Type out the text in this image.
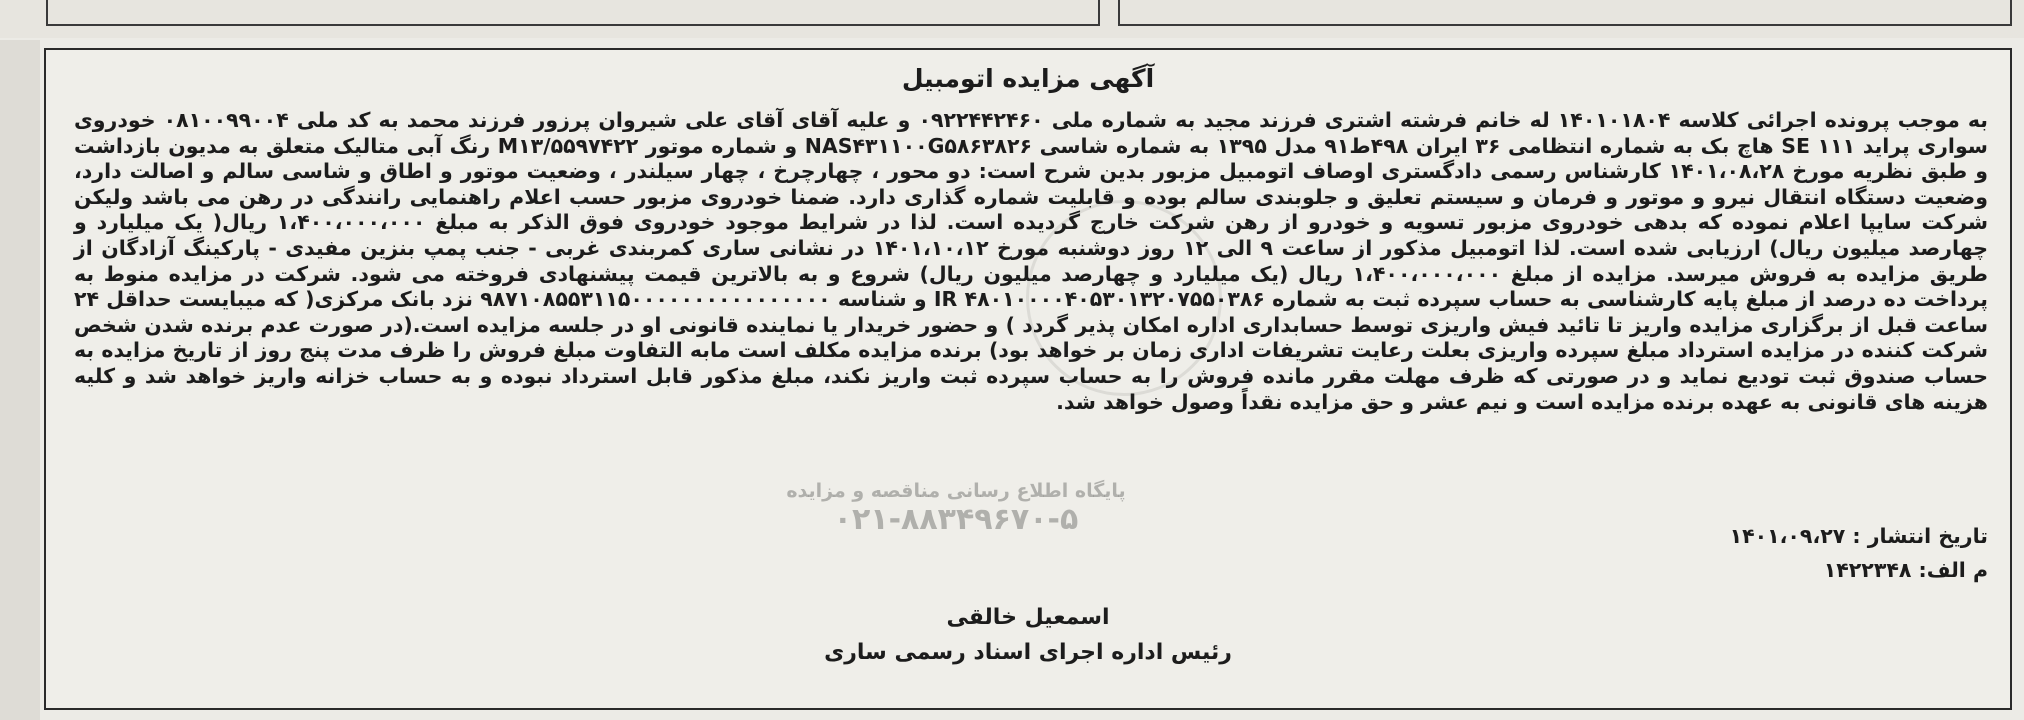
آگهی مزایده اتومبیل
به موجب پرونده اجرائی کلاسه ۱۴۰۱۰۱۸۰۴ له خانم فرشته اشتری فرزند مجید به شماره ملی ۰۹۲۲۴۴۲۴۶۰ و علیه آقای آقای علی شیروان پرزور فرزند محمد به کد ملی ۰۸۱۰۰۹۹۰۰۴ خودروی سواری پراید ۱۱۱ SE هاچ بک به شماره انتظامی ۳۶ ایران ۴۹۸ط۹۱ مدل ۱۳۹۵ به شماره شاسی NAS۴۳۱۱۰۰G۵۸۶۳۸۲۶ و شماره موتور M۱۳/۵۵۹۷۴۲۲ رنگ آبی متالیک متعلق به مدیون بازداشت و طبق نظریه مورخ ۱۴۰۱،۰۸،۲۸ کارشناس رسمی دادگستری اوصاف اتومبیل مزبور بدین شرح است: دو محور ، چهارچرخ ، چهار سیلندر ، وضعیت موتور و اطاق و شاسی سالم و اصالت دارد، وضعیت دستگاه انتقال نیرو و موتور و فرمان و سیستم تعلیق و جلوبندی سالم بوده و قابلیت شماره گذاری دارد. ضمنا خودروی مزبور حسب اعلام راهنمایی رانندگی در رهن می باشد ولیکن شرکت سایپا اعلام نموده که بدهی خودروی مزبور تسویه و خودرو از رهن شرکت خارج گردیده است. لذا در شرایط موجود خودروی فوق الذکر به مبلغ ۱،۴۰۰،۰۰۰،۰۰۰ ریال( یک میلیارد و چهارصد میلیون ریال) ارزیابی شده است. لذا اتومبیل مذکور از ساعت ۹ الی ۱۲ روز دوشنبه مورخ ۱۴۰۱،۱۰،۱۲ در نشانی ساری کمربندی غربی - جنب پمپ بنزین مفیدی - پارکینگ آزادگان از طریق مزایده به فروش میرسد. مزایده از مبلغ ۱،۴۰۰،۰۰۰،۰۰۰ ریال (یک میلیارد و چهارصد میلیون ریال) شروع و به بالاترین قیمت پیشنهادی فروخته می شود. شرکت در مزایده منوط به پرداخت ده درصد از مبلغ پایه کارشناسی به حساب سپرده ثبت به شماره ۴۸۰۱۰۰۰۰۴۰۵۳۰۱۳۲۰۷۵۵۰۳۸۶ IR و شناسه ۹۸۷۱۰۸۵۵۳۱۱۵۰۰۰۰۰۰۰۰۰۰۰۰۰۰۰۰ نزد بانک مرکزی( که میبایست حداقل ۲۴ ساعت قبل از برگزاری مزایده واریز تا تائید فیش واریزی توسط حسابداری اداره امکان پذیر گردد ) و حضور خریدار یا نماینده قانونی او در جلسه مزایده است.(در صورت عدم برنده شدن شخص شرکت کننده در مزایده استرداد مبلغ سپرده واریزی بعلت رعایت تشریفات اداری زمان بر خواهد بود) برنده مزایده مکلف است مابه التفاوت مبلغ فروش را ظرف مدت پنج روز از تاریخ مزایده به حساب صندوق ثبت تودیع نماید و در صورتی که ظرف مهلت مقرر مانده فروش را به حساب سپرده ثبت واریز نکند، مبلغ مذکور قابل استرداد نبوده و به حساب خزانه واریز خواهد شد و کلیه هزینه های قانونی به عهده برنده مزایده است و نیم عشر و حق مزایده نقداً وصول خواهد شد.
پایگاه اطلاع رسانی مناقصه و مزایده
۰۲۱-۸۸۳۴۹۶۷۰-۵	تاریخ انتشار : ۱۴۰۱،۰۹،۲۷
م الف: ۱۴۲۲۳۴۸
اسمعیل خالقی
رئیس اداره اجرای اسناد رسمی ساری
